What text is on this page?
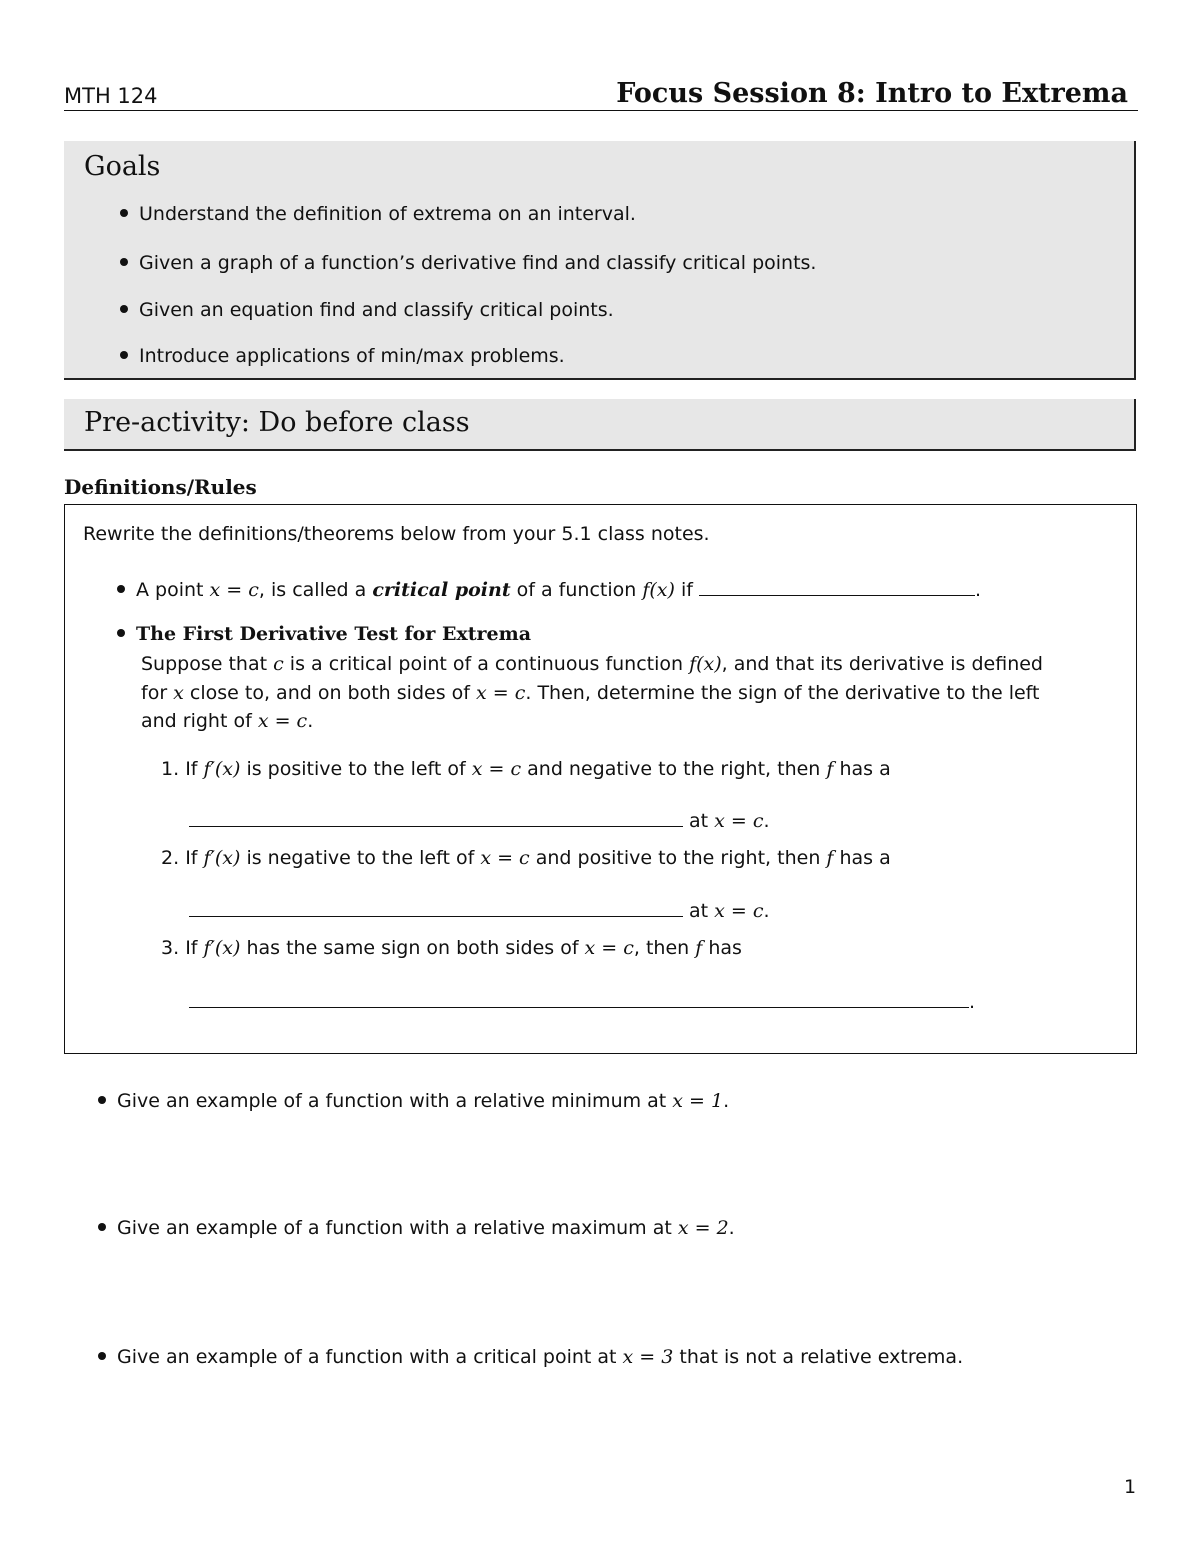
MTH 124	Focus Session 8: Intro to Extrema
Goals
Understand the definition of extrema on an interval.
Given a graph of a function’s derivative find and classify critical points.
Given an equation find and classify critical points.
Introduce applications of min/max problems.
Pre-activity: Do before class
Definitions/Rules
Rewrite the definitions/theorems below from your 5.1 class notes.
A point x = c, is called a critical point of a function f(x) if	.
The First Derivative Test for Extrema
Suppose that c is a critical point of a continuous function f(x), and that its derivative is defined
for x close to, and on both sides of x = c. Then, determine the sign of the derivative to the left
and right of x = c.
1. If f′(x) is positive to the left of x = c and negative to the right, then f has a
at x = c.
2. If f′(x) is negative to the left of x = c and positive to the right, then f has a
at x = c.
3. If f′(x) has the same sign on both sides of x = c, then f has
.
Give an example of a function with a relative minimum at x = 1.
Give an example of a function with a relative maximum at x = 2.
Give an example of a function with a critical point at x = 3 that is not a relative extrema.
1
